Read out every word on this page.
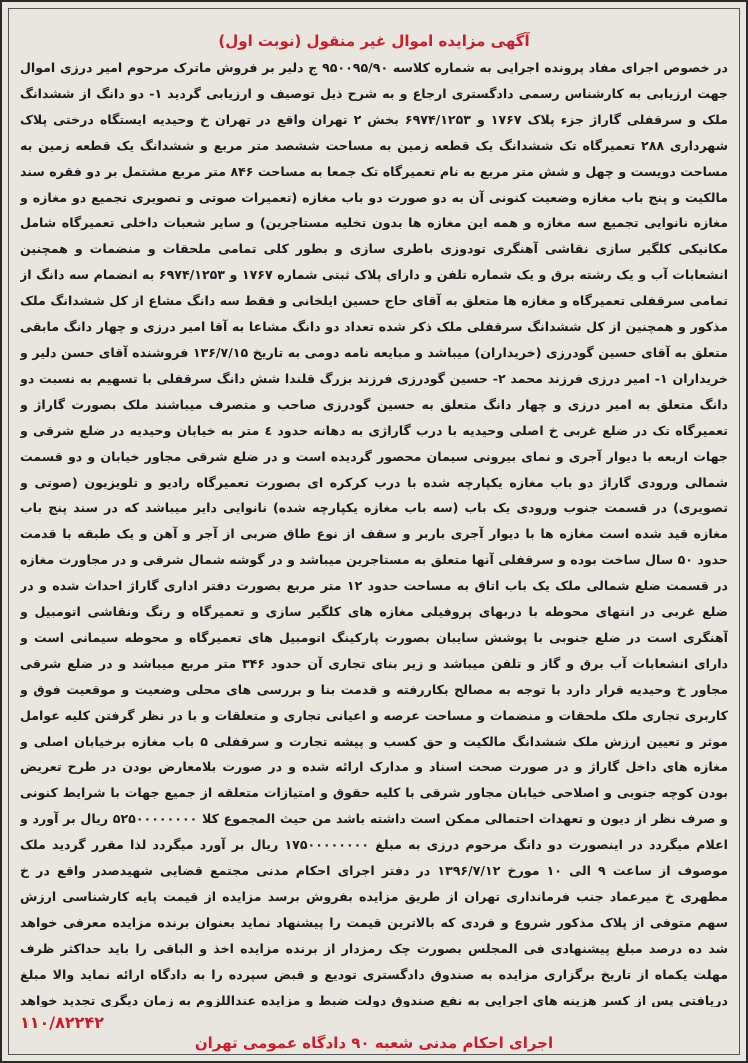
آگهی مزایده اموال غیر منقول (نوبت اول)
در خصوص اجرای مفاد پرونده اجرایی به شماره کلاسه ۹۵۰۰۹۵/۹۰ ج دلیر بر فروش ماترک مرحوم امیر درزی اموال جهت ارزیابی به کارشناس رسمی دادگستری ارجاع و به شرح ذیل توصیف و ارزیابی گردید ۱- دو دانگ از ششدانگ ملک و سرقفلی گاراژ جزء پلاک ۱۷۶۷ و ۶۹۷۴/۱۲۵۳ بخش ۲ تهران واقع در تهران خ وحیدیه ایستگاه درختی پلاک شهرداری ۲۸۸ تعمیرگاه تک ششدانگ یک قطعه زمین به مساحت ششصد متر مربع و ششدانگ یک قطعه زمین به مساحت دویست و چهل و شش متر مربع به نام تعمیرگاه تک جمعا به مساحت ۸۴۶ متر مربع مشتمل بر دو فقره سند مالکیت و پنج باب مغازه وضعیت کنونی آن به دو صورت دو باب مغازه (تعمیرات صوتی و تصویری تجمیع دو مغازه و مغازه نانوایی تجمیع سه مغازه و همه این مغازه ها بدون تخلیه مستاجرین) و سایر شعبات داخلی تعمیرگاه شامل مکانیکی کلگیر سازی نقاشی آهنگری تودوزی باطری سازی و بطور کلی تمامی ملحقات و منضمات و همچنین انشعابات آب و یک رشته برق و یک شماره تلفن و دارای پلاک ثبتی شماره ۱۷۶۷ و ۶۹۷۴/۱۲۵۳ به انضمام سه دانگ از تمامی سرقفلی تعمیرگاه و مغازه ها متعلق به آقای حاج حسین ایلخانی و فقط سه دانگ مشاع از کل ششدانگ ملک مذکور و همچنین از کل ششدانگ سرقفلی ملک ذکر شده تعداد دو دانگ مشاعا به آقا امیر درزی و چهار دانگ مابقی متعلق به آقای حسین گودرزی (خریداران) میباشد و مبایعه نامه دومی به تاریخ ۱۳۶/۷/۱۵ فروشنده آقای حسن دلیر و خریداران ۱- امیر درزی فرزند محمد ۲- حسین گودرزی فرزند بزرگ قلندا شش دانگ سرقفلی با تسهیم به نسبت دو دانگ متعلق به امیر درزی و چهار دانگ متعلق به حسین گودرزی صاحب و متصرف میباشند ملک بصورت گاراژ و تعمیرگاه تک در ضلع غربی خ اصلی وحیدیه با درب گاراژی به دهانه حدود ٤ متر به خیابان وحیدیه در ضلع شرقی و جهات اربعه با دیوار آجری و نمای بیرونی سیمان محصور گردیده است و در ضلع شرقی مجاور خیابان و دو قسمت شمالی ورودی گاراژ دو باب مغازه یکپارچه شده با درب کرکره ای بصورت تعمیرگاه رادیو و تلویزیون (صوتی و تصویری) در قسمت جنوب ورودی یک باب (سه باب مغازه یکپارچه شده) نانوایی دایر میباشد که در سند پنج باب مغازه قید شده است مغازه ها با دیوار آجری باربر و سقف از نوع طاق ضربی از آجر و آهن و یک طبقه با قدمت حدود ۵۰ سال ساخت بوده و سرقفلی آنها متعلق به مستاجرین میباشد و در گوشه شمال شرقی و در مجاورت مغازه در قسمت ضلع شمالی ملک یک باب اتاق به مساحت حدود ۱۲ متر مربع بصورت دفتر اداری گاراژ احداث شده و در ضلع غربی در انتهای محوطه با دربهای پروفیلی مغازه های کلگیر سازی و تعمیرگاه و رنگ ونقاشی اتومبیل و آهنگری است در ضلع جنوبی با پوشش سایبان بصورت پارکینگ اتومبیل های تعمیرگاه و محوطه سیمانی است و دارای انشعابات آب برق و گاز و تلفن میباشد و زیر بنای تجاری آن حدود ۳۴۶ متر مربع میباشد و در ضلع شرقی مجاور خ وحیدیه قرار دارد با توجه به مصالح بکاررفته و قدمت بنا و بررسی های محلی وضعیت و موقعیت فوق و کاربری تجاری ملک ملحقات و منضمات و مساحت عرصه و اعیانی تجاری و متعلقات و با در نظر گرفتن کلیه عوامل موثر و تعیین ارزش ملک ششدانگ مالکیت و حق کسب و پیشه تجارت و سرقفلی ۵ باب مغازه برخیابان اصلی و مغازه های داخل گاراژ و در صورت صحت اسناد و مدارک ارائه شده و در صورت بلامعارض بودن در طرح تعریض بودن کوچه جنوبی و اصلاحی خیابان مجاور شرقی با کلیه حقوق و امتیازات متعلقه از جمیع جهات با شرایط کنونی و صرف نظر از دیون و تعهدات احتمالی ممکن است داشته باشد من حیث المجموع کلا ۵۲۵۰۰۰۰۰۰۰۰ ریال بر آورد و اعلام میگردد در اینصورت دو دانگ مرحوم درزی به مبلغ ۱۷۵۰۰۰۰۰۰۰۰ ریال بر آورد میگردد لذا مقرر گردید ملک موصوف از ساعت ۹ الی ۱۰ مورخ ۱۳۹۶/۷/۱۲ در دفتر اجرای احکام مدنی مجتمع قضایی شهیدصدر واقع در خ مطهری خ میرعماد جنب فرمانداری تهران از طریق مزایده بفروش برسد مزایده از قیمت پایه کارشناسی ارزش سهم متوفی از پلاک مذکور شروع و فردی که بالاترین قیمت را پیشنهاد نماید بعنوان برنده مزایده معرفی خواهد شد ده درصد مبلغ پیشنهادی فی المجلس بصورت چک رمزدار از برنده مزایده اخذ و الباقی را باید حداکثر ظرف مهلت یکماه از تاریخ برگزاری مزایده به صندوق دادگستری تودیع و قبض سپرده را به دادگاه ارائه نماید والا مبلغ دریافتی پس از کسر هزینه های اجرایی به نفع صندوق دولت ضبط و مزایده عنداللزوم به زمان دیگری تجدید خواهد
۱۱۰/۸۲۲۴۲
اجرای احکام مدنی شعبه ۹۰ دادگاه عمومی تهران
